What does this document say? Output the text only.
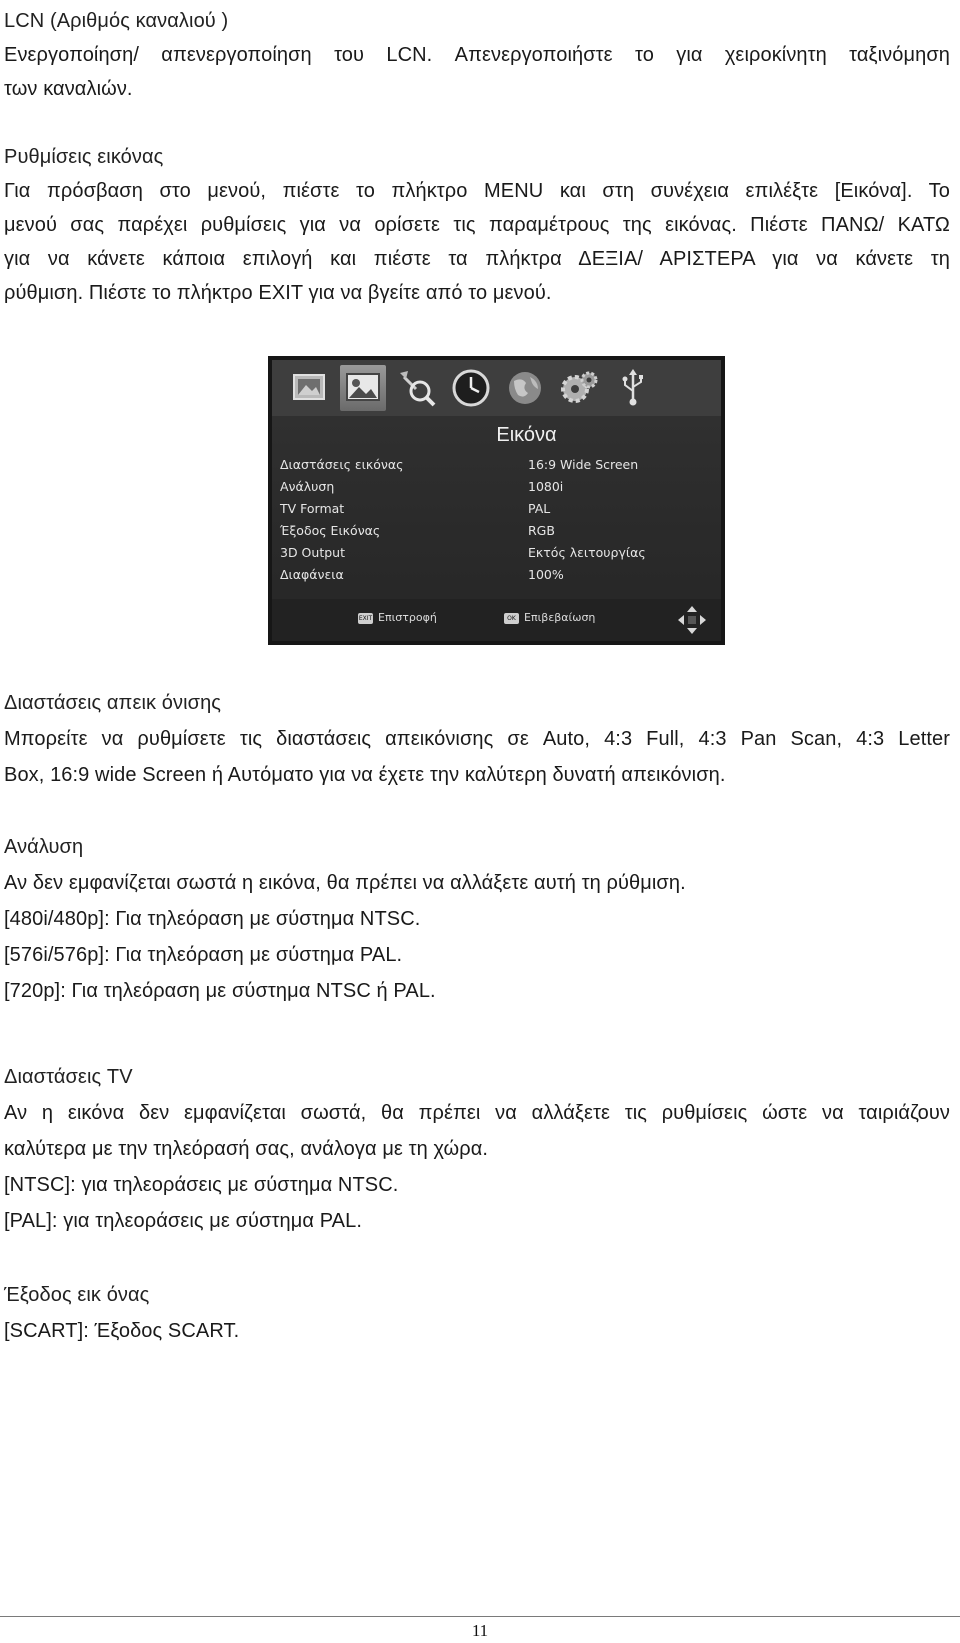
LCN (Αριθμός καναλιού )
Ενεργοποίηση/ απενεργοποίηση του LCN. Απενεργοποιήστε το για χειροκίνητη ταξινόμηση
των καναλιών.
Ρυθμίσεις εικόνας
Για πρόσβαση στο μενού, πιέστε το πλήκτρο MENU και στη συνέχεια επιλέξτε [Εικόνα]. Το
μενού σας παρέχει ρυθμίσεις για να ορίσετε τις παραμέτρους της εικόνας. Πιέστε ΠΑΝΩ/ ΚΑΤΩ
για να κάνετε κάποια επιλογή και πιέστε τα πλήκτρα ΔΕΞΙΑ/ ΑΡΙΣΤΕΡΑ για να κάνετε τη
ρύθμιση. Πιέστε το πλήκτρο EXIT για να βγείτε από το μενού.
Εικόνα
Διαστάσεις εικόνας	16:9 Wide Screen
Ανάλυση	1080i
TV Format	PAL
Έξοδος Εικόνας	RGB
3D Output	Εκτός λειτουργίας
Διαφάνεια	100%
EXIT Επιστροφή	OK Επιβεβαίωση
Διαστάσεις απεικ όνισης
Μπορείτε να ρυθμίσετε τις διαστάσεις απεικόνισης σε Auto, 4:3 Full, 4:3 Pan Scan, 4:3 Letter
Box, 16:9 wide Screen ή Αυτόματο για να έχετε την καλύτερη δυνατή απεικόνιση.
Ανάλυση
Αν δεν εμφανίζεται σωστά η εικόνα, θα πρέπει να αλλάξετε αυτή τη ρύθμιση.
[480i/480p]: Για τηλεόραση με σύστημα NTSC.
[576i/576p]: Για τηλεόραση με σύστημα PAL.
[720p]: Για τηλεόραση με σύστημα NTSC ή PAL.
Διαστάσεις TV
Αν η εικόνα δεν εμφανίζεται σωστά, θα πρέπει να αλλάξετε τις ρυθμίσεις ώστε να ταιριάζουν
καλύτερα με την τηλεόρασή σας, ανάλογα με τη χώρα.
[NTSC]: για τηλεοράσεις με σύστημα NTSC.
[PAL]: για τηλεοράσεις με σύστημα PAL.
Έξοδος εικ όνας
[SCART]: Έξοδος SCART.
11
